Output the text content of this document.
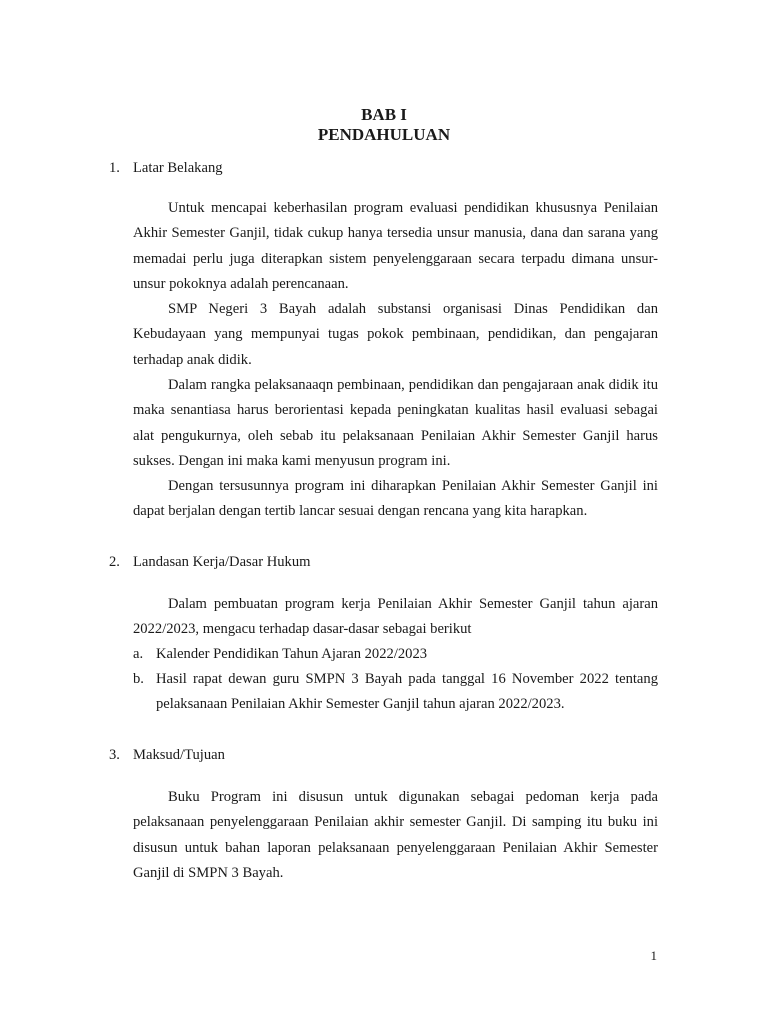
BAB I
PENDAHULUAN
1. Latar Belakang
Untuk mencapai keberhasilan program evaluasi pendidikan khususnya Penilaian Akhir Semester Ganjil, tidak cukup hanya tersedia unsur manusia, dana dan sarana yang memadai perlu juga diterapkan sistem penyelenggaraan secara terpadu dimana unsur-unsur pokoknya adalah perencanaan.
SMP Negeri 3 Bayah adalah substansi organisasi Dinas Pendidikan dan Kebudayaan yang mempunyai tugas pokok pembinaan, pendidikan, dan pengajaran terhadap anak didik.
Dalam rangka pelaksanaaqn pembinaan, pendidikan dan pengajaraan anak didik itu maka senantiasa harus berorientasi kepada peningkatan kualitas hasil evaluasi sebagai alat pengukurnya, oleh sebab itu pelaksanaan Penilaian Akhir Semester Ganjil harus sukses. Dengan ini maka kami menyusun program ini.
Dengan tersusunnya program ini diharapkan Penilaian Akhir Semester Ganjil ini dapat berjalan dengan tertib lancar sesuai dengan rencana yang kita harapkan.
2. Landasan Kerja/Dasar Hukum
Dalam pembuatan program kerja Penilaian Akhir Semester Ganjil tahun ajaran 2022/2023, mengacu terhadap dasar-dasar sebagai berikut
a. Kalender Pendidikan Tahun Ajaran 2022/2023
b. Hasil rapat dewan guru SMPN 3 Bayah pada tanggal 16 November 2022 tentang pelaksanaan Penilaian Akhir Semester Ganjil tahun ajaran 2022/2023.
3. Maksud/Tujuan
Buku Program ini disusun untuk digunakan sebagai pedoman kerja pada pelaksanaan penyelenggaraan Penilaian akhir semester Ganjil. Di samping itu buku ini disusun untuk bahan laporan pelaksanaan penyelenggaraan Penilaian Akhir Semester Ganjil di SMPN 3 Bayah.
1
